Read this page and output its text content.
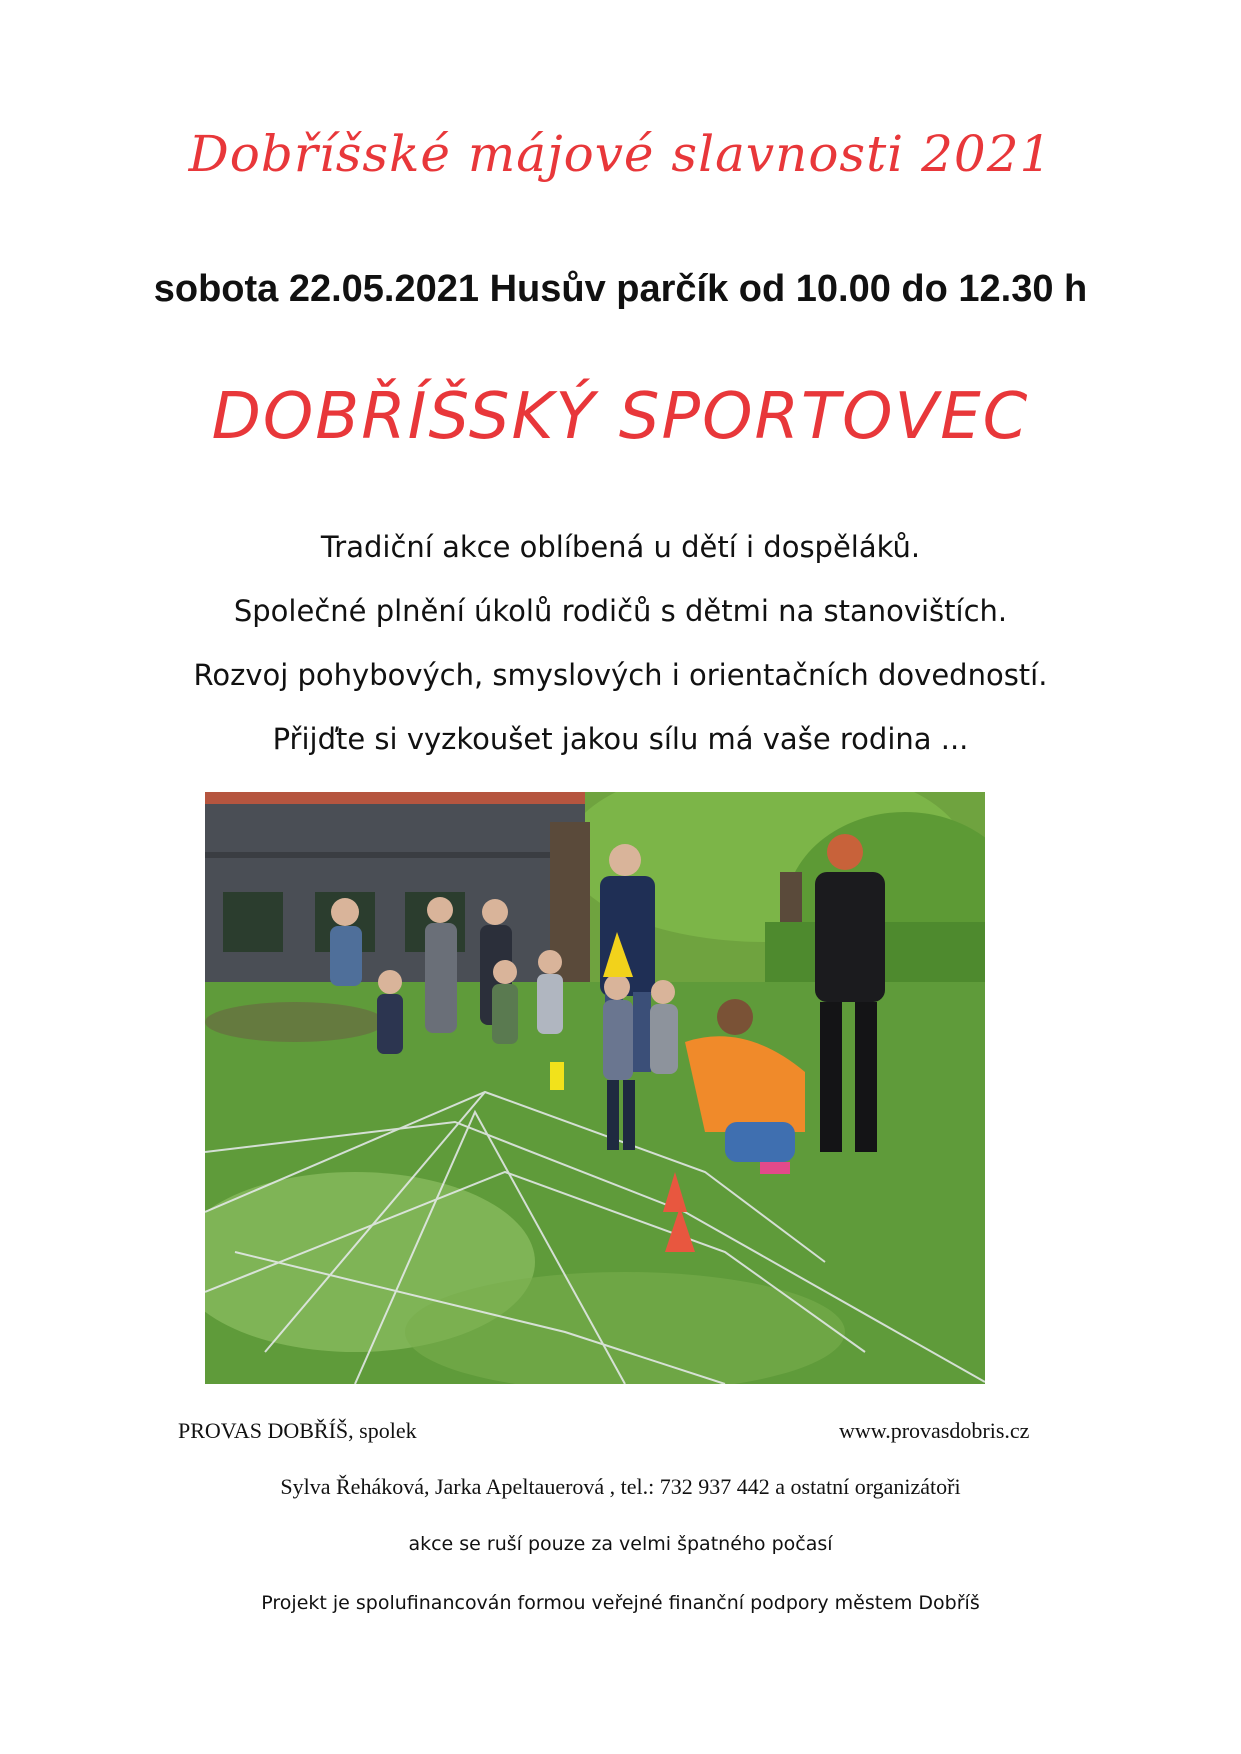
Dobříšské májové slavnosti 2021
sobota 22.05.2021 Husův parčík od 10.00 do 12.30 h
DOBŘÍŠSKÝ SPORTOVEC
Tradiční akce oblíbená u dětí i dospěláků.
Společné plnění úkolů rodičů s dětmi na stanovištích.
Rozvoj pohybových, smyslových i orientačních dovedností.
Přijďte si vyzkoušet jakou sílu má vaše rodina ...
PROVAS DOBŘÍŠ, spolek	www.provasdobris.cz
Sylva Řeháková, Jarka Apeltauerová , tel.: 732 937 442 a ostatní organizátoři
akce se ruší pouze za velmi špatného počasí
Projekt je spolufinancován formou veřejné finanční podpory městem Dobříš
